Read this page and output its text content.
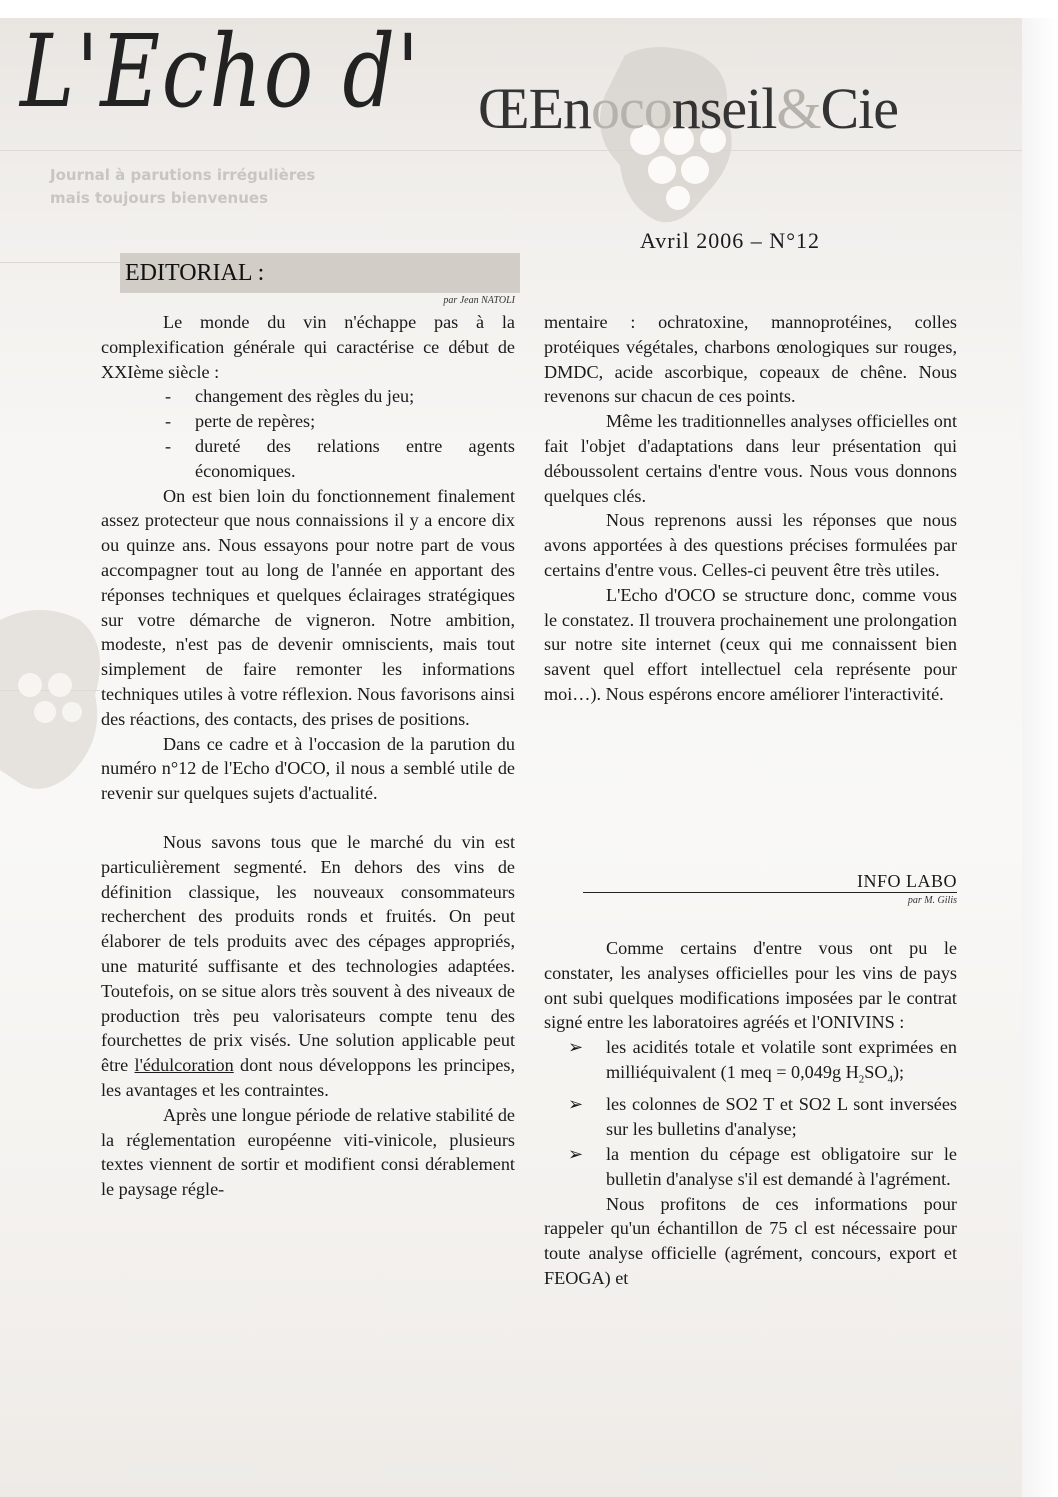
L'Echo d' ŒEnoconseil&Cie
Journal à parutions irrégulières
mais toujours bienvenues
Avril 2006 – N°12
EDITORIAL :
par Jean NATOLI

Le monde du vin n'échappe pas à la complexification générale qui caractérise ce début de XXIème siècle :

- changement des règles du jeu;
- perte de repères;
- dureté des relations entre agents économiques.

On est bien loin du fonctionnement finalement assez protecteur que nous connaissions il y a encore dix ou quinze ans. Nous essayons pour notre part de vous accompagner tout au long de l'année en apportant des réponses techniques et quelques éclairages stratégiques sur votre démarche de vigneron. Notre ambition, modeste, n'est pas de devenir omniscients, mais tout simplement de faire remonter les informations techniques utiles à votre réflexion. Nous favorisons ainsi des réactions, des contacts, des prises de positions.

Dans ce cadre et à l'occasion de la parution du numéro n°12 de l'Echo d'OCO, il nous a semblé utile de revenir sur quelques sujets d'actualité.

Nous savons tous que le marché du vin est particulièrement segmenté. En dehors des vins de définition classique, les nouveaux consommateurs recherchent des produits ronds et fruités. On peut élaborer de tels produits avec des cépages appropriés, une maturité suffisante et des technologies adaptées. Toutefois, on se situe alors très souvent à des niveaux de production très peu valorisateurs compte tenu des fourchettes de prix visés. Une solution applicable peut être l'édulcoration dont nous développons les principes, les avantages et les contraintes.

Après une longue période de relative stabilité de la réglementation européenne viti-vinicole, plusieurs textes viennent de sortir et modifient consi dérablement le paysage régle-

mentaire : ochratoxine, mannoprotéines, colles protéiques végétales, charbons œnologiques sur rouges, DMDC, acide ascorbique, copeaux de chêne. Nous revenons sur chacun de ces points.

Même les traditionnelles analyses officielles ont fait l'objet d'adaptations dans leur présentation qui déboussolent certains d'entre vous. Nous vous donnons quelques clés.

Nous reprenons aussi les réponses que nous avons apportées à des questions précises formulées par certains d'entre vous. Celles-ci peuvent être très utiles.

L'Echo d'OCO se structure donc, comme vous le constatez. Il trouvera prochainement une prolongation sur notre site internet (ceux qui me connaissent bien savent quel effort intellectuel cela représente pour moi…). Nous espérons encore améliorer l'interactivité.

INFO LABO
par M. Gilis

Comme certains d'entre vous ont pu le constater, les analyses officielles pour les vins de pays ont subi quelques modifications imposées par le contrat signé entre les laboratoires agréés et l'ONIVINS :

➢ les acidités totale et volatile sont exprimées en milliéquivalent (1 meq = 0,049g $H_2SO_4$);
➢ les colonnes de SO2 T et SO2 L sont inversées sur les bulletins d'analyse;
➢ la mention du cépage est obligatoire sur le bulletin d'analyse s'il est demandé à l'agrément.

Nous profitons de ces informations pour rappeler qu'un échantillon de 75 cl est nécessaire pour toute analyse officielle (agrément, concours, export et FEOGA) et
